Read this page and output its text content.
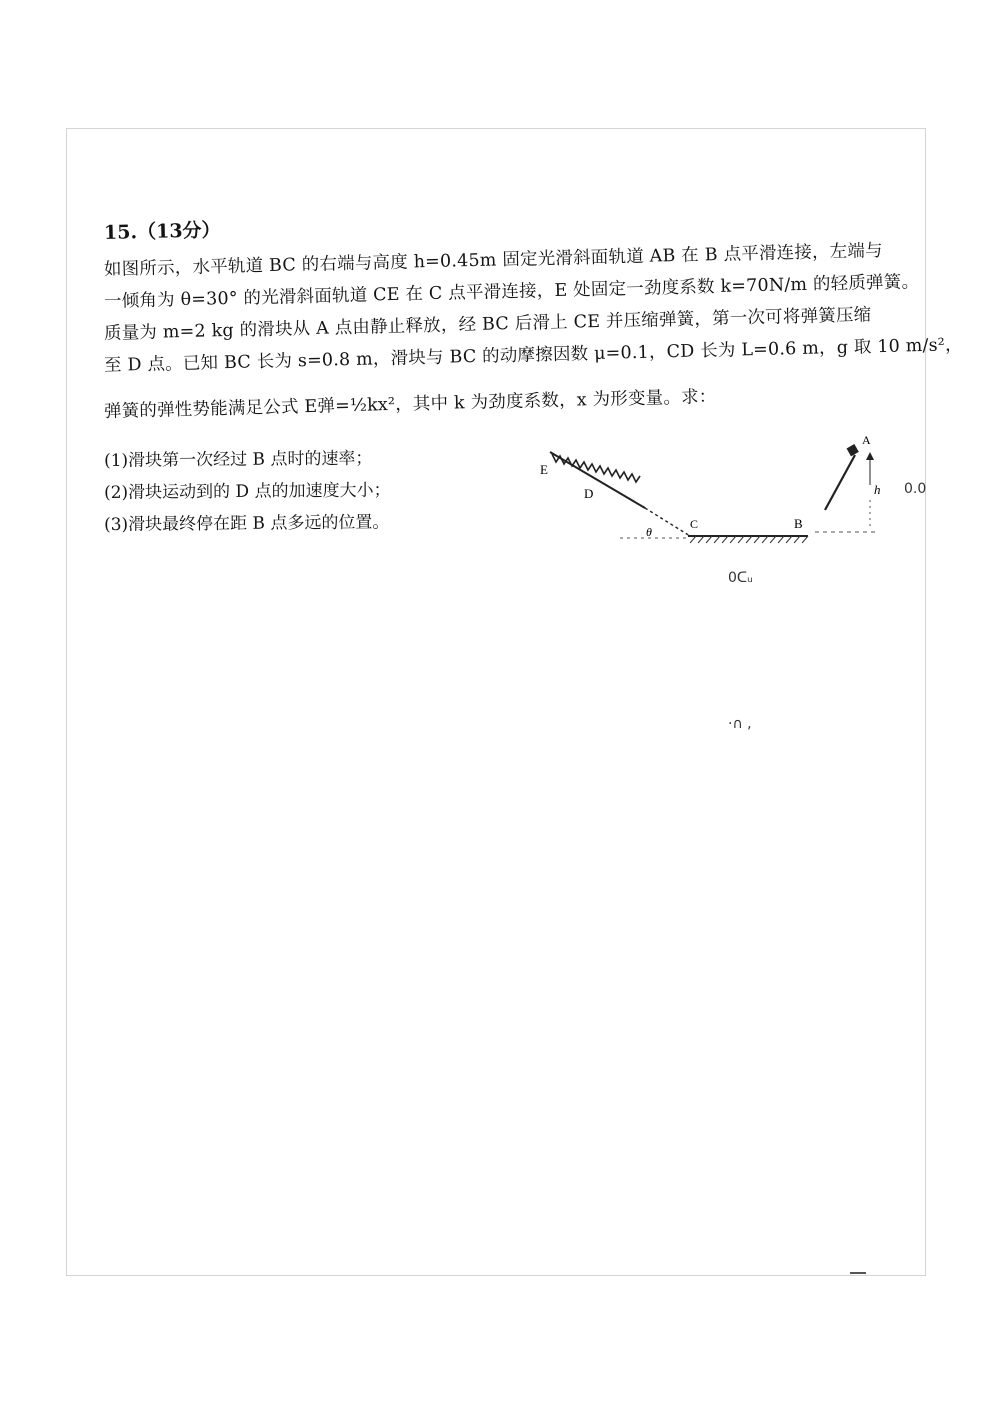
15.（13分）
如图所示，水平轨道 BC 的右端与高度 h=0.45m 固定光滑斜面轨道 AB 在 B 点平滑连接，左端与
一倾角为 θ=30° 的光滑斜面轨道 CE 在 C 点平滑连接，E 处固定一劲度系数 k=70N/m 的轻质弹簧。
质量为 m=2 kg 的滑块从 A 点由静止释放，经 BC 后滑上 CE 并压缩弹簧，第一次可将弹簧压缩
至 D 点。已知 BC 长为 s=0.8 m，滑块与 BC 的动摩擦因数 μ=0.1，CD 长为 L=0.6 m，g 取 10 m/s²，
弹簧的弹性势能满足公式 E弹=½kx²，其中 k 为劲度系数，x 为形变量。求：
(1)滑块第一次经过 B 点时的速率；
(2)滑块运动到的 D 点的加速度大小；
(3)滑块最终停在距 B 点多远的位置。
E
D
C	B
A
h
θ
0.0
0ᑕᵤ
·∩ ,
